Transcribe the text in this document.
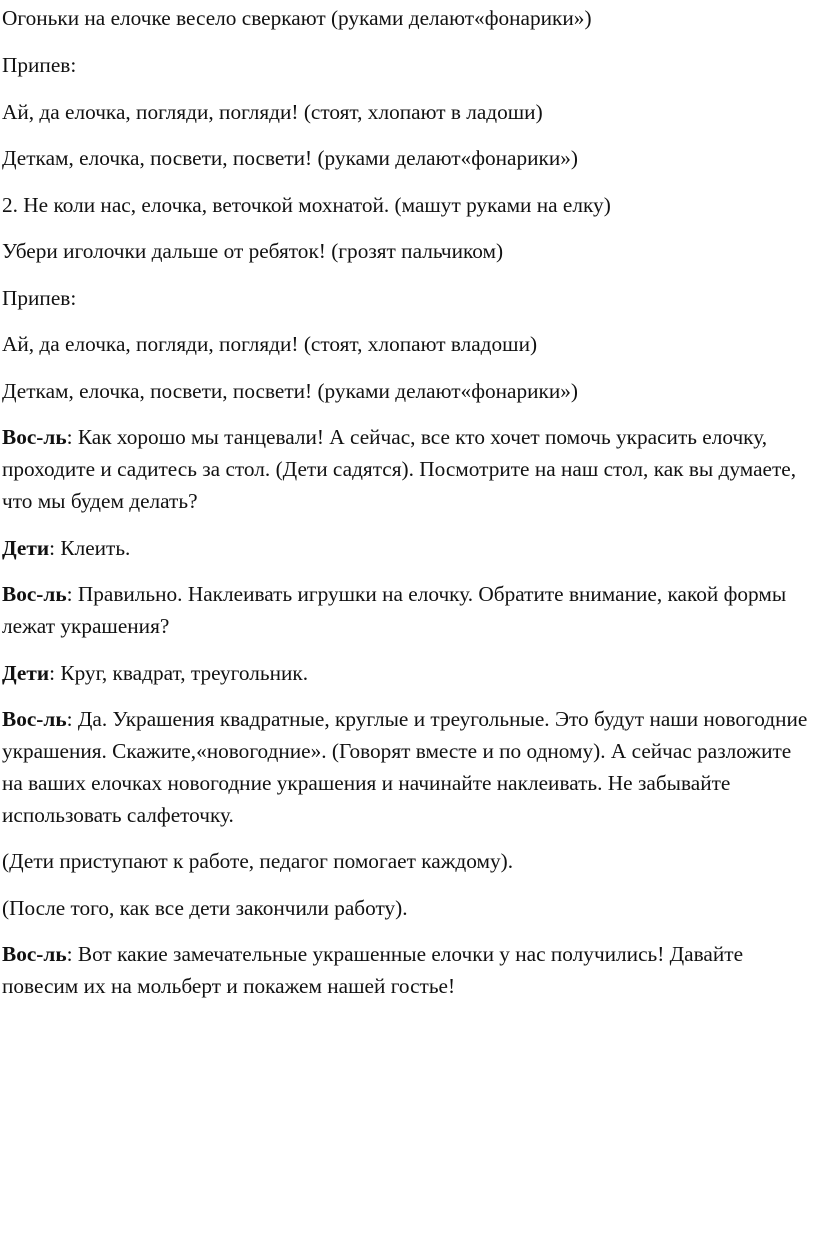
Огоньки на елочке весело сверкают (руками делают«фонарики»)

Припев:

Ай, да елочка, погляди, погляди! (стоят, хлопают в ладоши)

Деткам, елочка, посвети, посвети! (руками делают«фонарики»)

2. Не коли нас, елочка, веточкой мохнатой. (машут руками на елку)

Убери иголочки дальше от ребяток! (грозят пальчиком)

Припев:

Ай, да елочка, погляди, погляди! (стоят, хлопают владоши)

Деткам, елочка, посвети, посвети! (руками делают«фонарики»)

Вос-ль: Как хорошо мы танцевали! А сейчас, все кто хочет помочь украсить елочку, проходите и садитесь за стол. (Дети садятся). Посмотрите на наш стол, как вы думаете, что мы будем делать?

Дети: Клеить.

Вос-ль: Правильно. Наклеивать игрушки на елочку. Обратите внимание, какой формы лежат украшения?

Дети: Круг, квадрат, треугольник.

Вос-ль: Да. Украшения квадратные, круглые и треугольные. Это будут наши новогодние украшения. Скажите,«новогодние». (Говорят вместе и по одному). А сейчас разложите на ваших елочках новогодние украшения и начинайте наклеивать. Не забывайте использовать салфеточку.

(Дети приступают к работе, педагог помогает каждому).

(После того, как все дети закончили работу).

Вос-ль: Вот какие замечательные украшенные елочки у нас получились! Давайте повесим их на мольберт и покажем нашей гостье!
